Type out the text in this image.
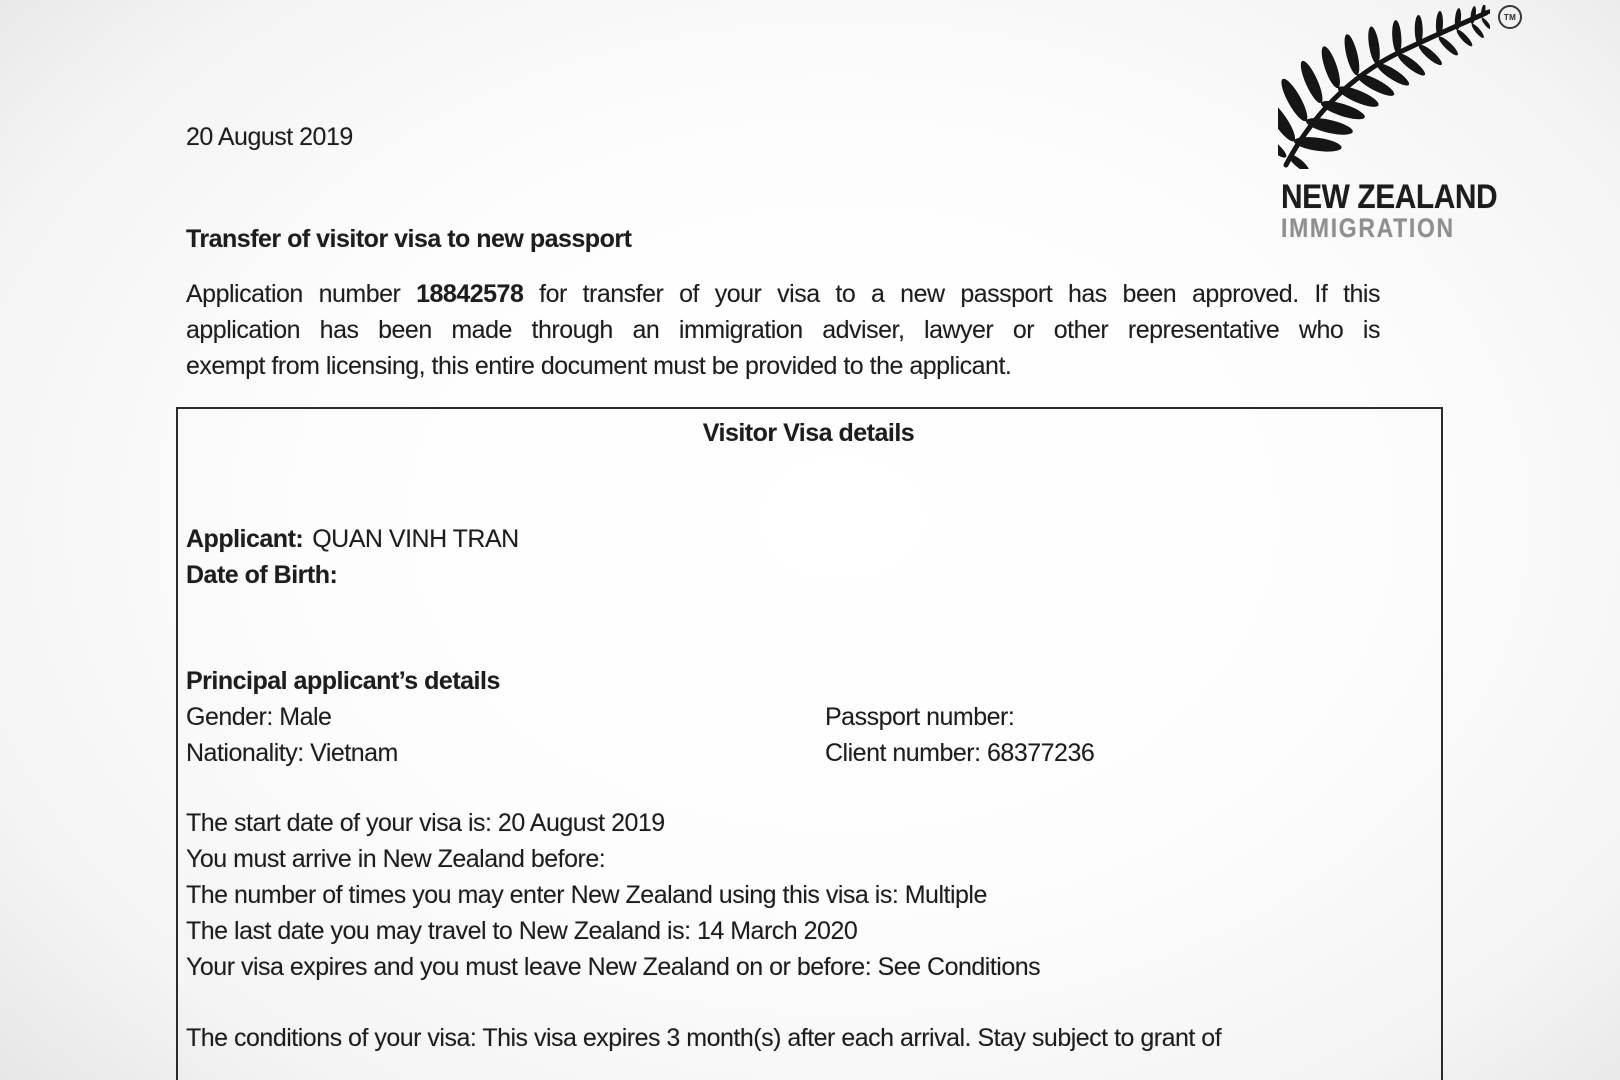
20 August 2019
TM
NEW ZEALAND
IMMIGRATION
Transfer of visitor visa to new passport
Application number 18842578 for transfer of your visa to a new passport has been approved. If this
application has been made through an immigration adviser, lawyer or other representative who is
exempt from licensing, this entire document must be provided to the applicant.
Visitor Visa details
Applicant: QUAN VINH TRAN
Date of Birth:
Principal applicant’s details
Gender: Male	Passport number:
Nationality: Vietnam	Client number: 68377236
The start date of your visa is: 20 August 2019
You must arrive in New Zealand before:
The number of times you may enter New Zealand using this visa is: Multiple
The last date you may travel to New Zealand is: 14 March 2020
Your visa expires and you must leave New Zealand on or before: See Conditions
The conditions of your visa: This visa expires 3 month(s) after each arrival. Stay subject to grant of
